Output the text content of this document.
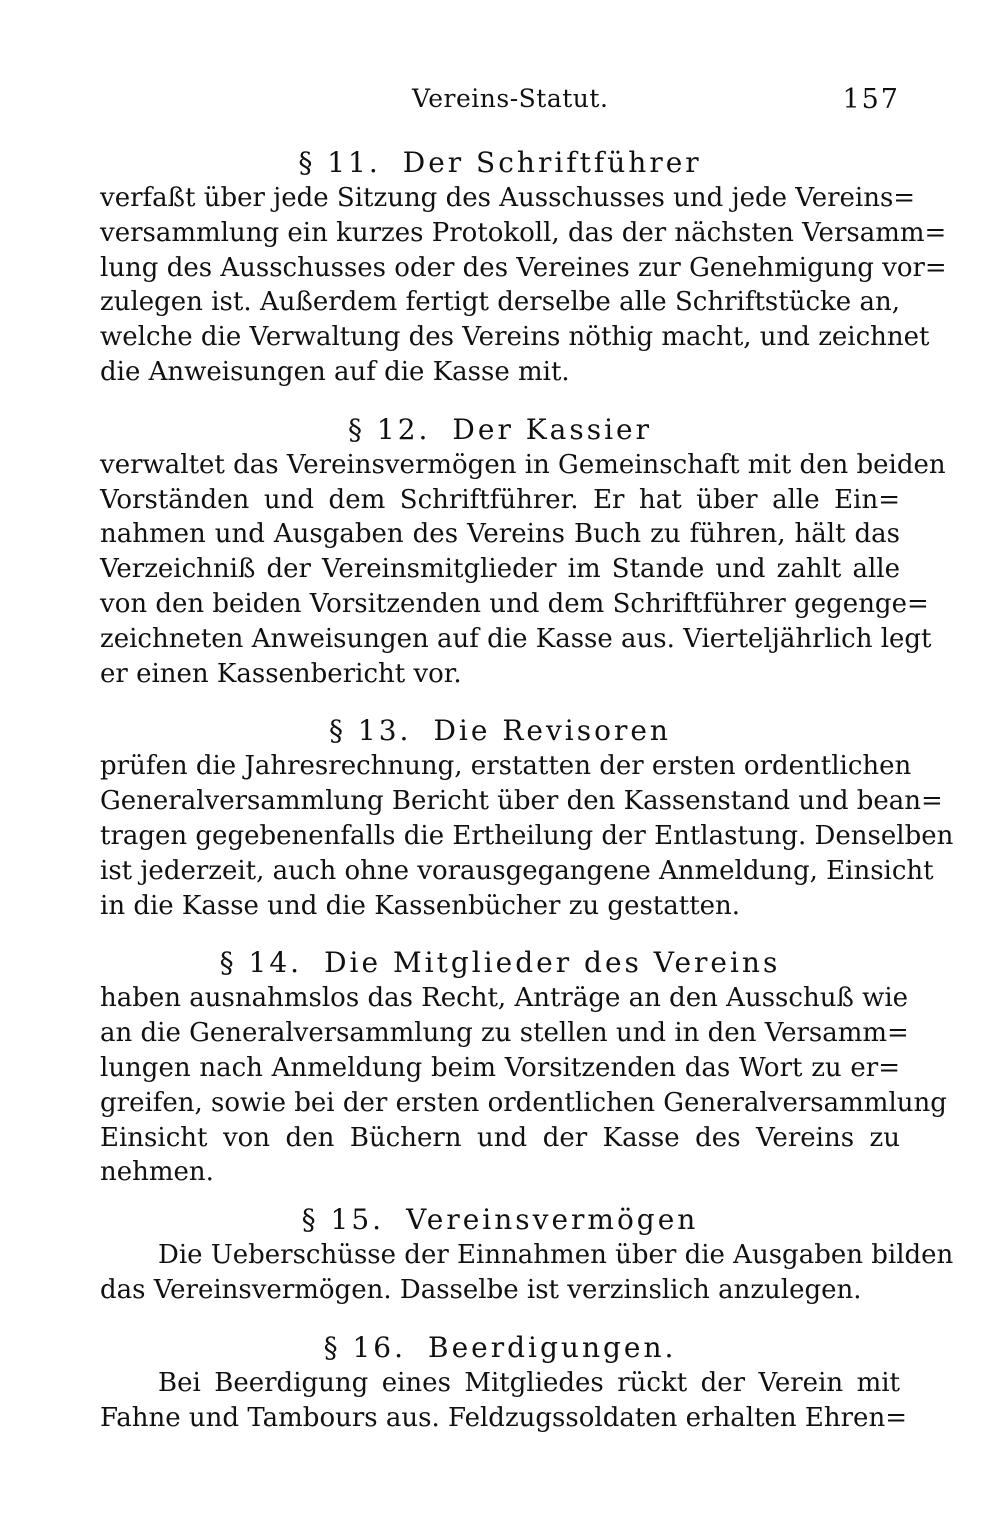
Vereins-Statut.	157
§ 11. Der Schriftführer
verfaßt über jede Sitzung des Ausschusses und jede Vereins=
versammlung ein kurzes Protokoll, das der nächsten Versamm=
lung des Ausschusses oder des Vereines zur Genehmigung vor=
zulegen ist. Außerdem fertigt derselbe alle Schriftstücke an,
welche die Verwaltung des Vereins nöthig macht, und zeichnet
die Anweisungen auf die Kasse mit.
§ 12. Der Kassier
verwaltet das Vereinsvermögen in Gemeinschaft mit den beiden
Vorständen und dem Schriftführer. Er hat über alle Ein=
nahmen und Ausgaben des Vereins Buch zu führen, hält das
Verzeichniß der Vereinsmitglieder im Stande und zahlt alle
von den beiden Vorsitzenden und dem Schriftführer gegenge=
zeichneten Anweisungen auf die Kasse aus. Vierteljährlich legt
er einen Kassenbericht vor.
§ 13. Die Revisoren
prüfen die Jahresrechnung, erstatten der ersten ordentlichen
Generalversammlung Bericht über den Kassenstand und bean=
tragen gegebenenfalls die Ertheilung der Entlastung. Denselben
ist jederzeit, auch ohne vorausgegangene Anmeldung, Einsicht
in die Kasse und die Kassenbücher zu gestatten.
§ 14. Die Mitglieder des Vereins
haben ausnahmslos das Recht, Anträge an den Ausschuß wie
an die Generalversammlung zu stellen und in den Versamm=
lungen nach Anmeldung beim Vorsitzenden das Wort zu er=
greifen, sowie bei der ersten ordentlichen Generalversammlung
Einsicht von den Büchern und der Kasse des Vereins zu
nehmen.
§ 15. Vereinsvermögen
Die Ueberschüsse der Einnahmen über die Ausgaben bilden
das Vereinsvermögen. Dasselbe ist verzinslich anzulegen.
§ 16. Beerdigungen.
Bei Beerdigung eines Mitgliedes rückt der Verein mit
Fahne und Tambours aus. Feldzugssoldaten erhalten Ehren=
